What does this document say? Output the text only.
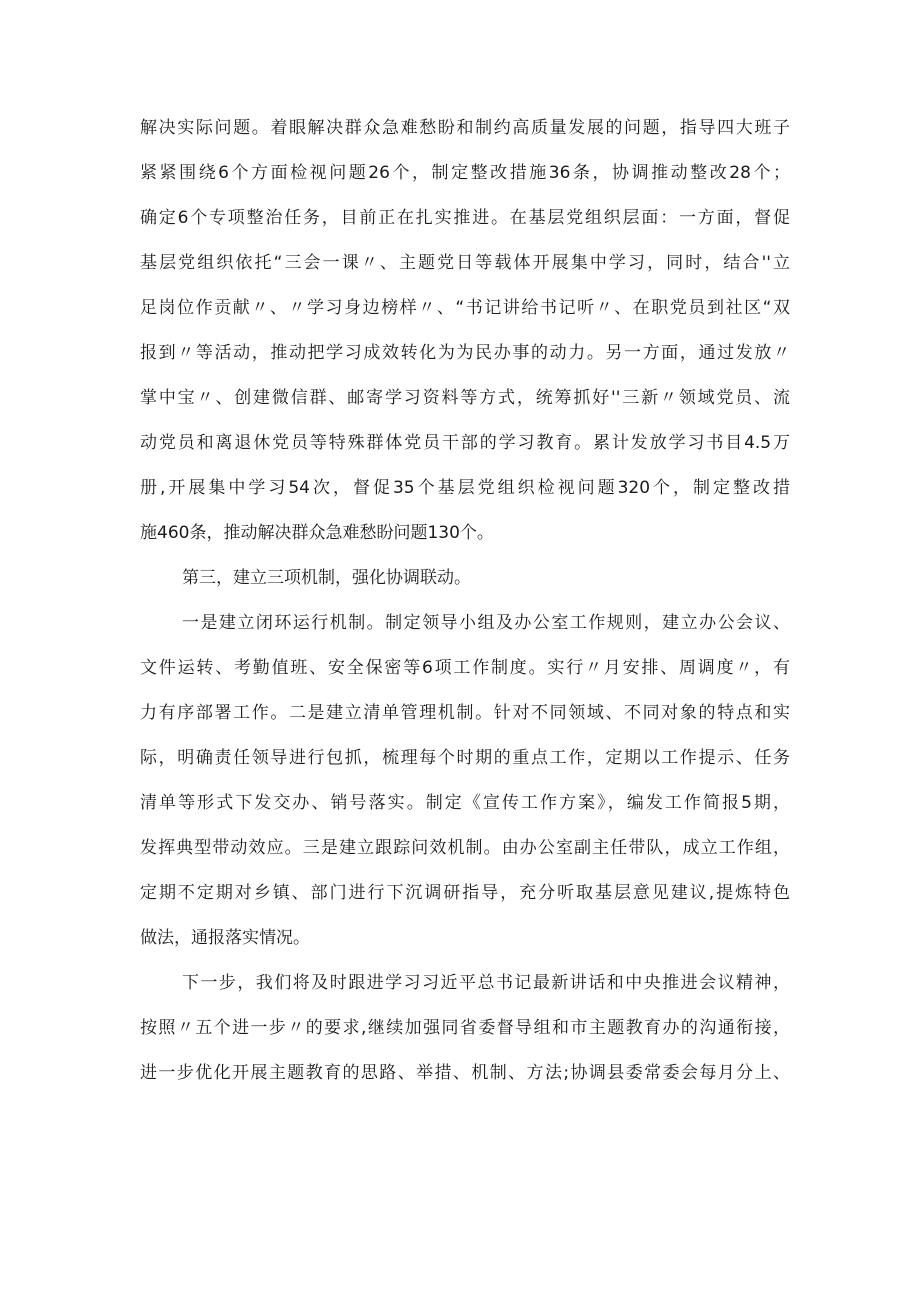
解决实际问题。着眼解决群众急难愁盼和制约高质量发展的问题，指导四大班子
紧紧围绕6个方面检视问题26个，制定整改措施36条，协调推动整改28个；
确定6个专项整治任务，目前正在扎实推进。在基层党组织层面：一方面，督促
基层党组织依托“三会一课〃、主题党日等载体开展集中学习，同时，结合''立
足岗位作贡献〃、〃学习身边榜样〃、“书记讲给书记听〃、在职党员到社区“双
报到〃等活动，推动把学习成效转化为为民办事的动力。另一方面，通过发放〃
掌中宝〃、创建微信群、邮寄学习资料等方式，统筹抓好''三新〃领域党员、流
动党员和离退休党员等特殊群体党员干部的学习教育。累计发放学习书目4.5万
册,开展集中学习54次，督促35个基层党组织检视问题320个，制定整改措
施460条，推动解决群众急难愁盼问题130个。
第三，建立三项机制，强化协调联动。
一是建立闭环运行机制。制定领导小组及办公室工作规则，建立办公会议、
文件运转、考勤值班、安全保密等6项工作制度。实行〃月安排、周调度〃，有
力有序部署工作。二是建立清单管理机制。针对不同领域、不同对象的特点和实
际，明确责任领导进行包抓，梳理每个时期的重点工作，定期以工作提示、任务
清单等形式下发交办、销号落实。制定《宣传工作方案》，编发工作简报5期，
发挥典型带动效应。三是建立跟踪问效机制。由办公室副主任带队，成立工作组，
定期不定期对乡镇、部门进行下沉调研指导，充分听取基层意见建议,提炼特色
做法，通报落实情况。
下一步，我们将及时跟进学习习近平总书记最新讲话和中央推进会议精神，
按照〃五个进一步〃的要求,继续加强同省委督导组和市主题教育办的沟通衔接，
进一步优化开展主题教育的思路、举措、机制、方法;协调县委常委会每月分上、
